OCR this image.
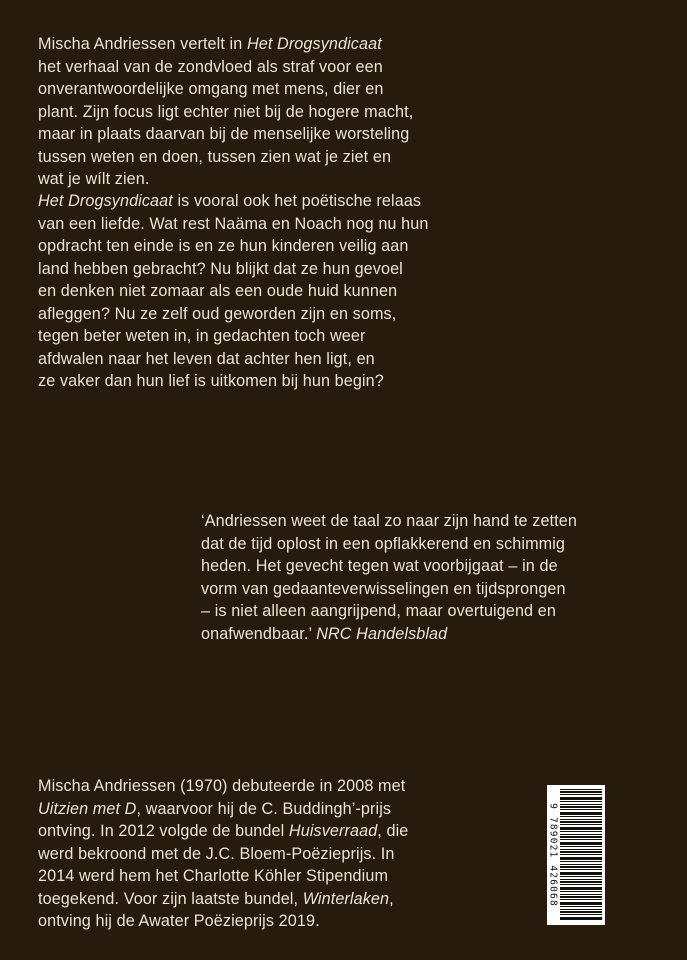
Mischa Andriessen vertelt in Het Drogsyndicaat
het verhaal van de zondvloed als straf voor een
onverantwoordelijke omgang met mens, dier en
plant. Zijn focus ligt echter niet bij de hogere macht,
maar in plaats daarvan bij de menselijke worsteling
tussen weten en doen, tussen zien wat je ziet en
wat je wílt zien.
Het Drogsyndicaat is vooral ook het poëtische relaas
van een liefde. Wat rest Naäma en Noach nog nu hun
opdracht ten einde is en ze hun kinderen veilig aan
land hebben gebracht? Nu blijkt dat ze hun gevoel
en denken niet zomaar als een oude huid kunnen
afleggen? Nu ze zelf oud geworden zijn en soms,
tegen beter weten in, in gedachten toch weer
afdwalen naar het leven dat achter hen ligt, en
ze vaker dan hun lief is uitkomen bij hun begin?
‘Andriessen weet de taal zo naar zijn hand te zetten
dat de tijd oplost in een opflakkerend en schimmig
heden. Het gevecht tegen wat voorbijgaat – in de
vorm van gedaanteverwisselingen en tijdsprongen
– is niet alleen aangrijpend, maar overtuigend en
onafwendbaar.’ NRC Handelsblad
Mischa Andriessen (1970) debuteerde in 2008 met
Uitzien met D, waarvoor hij de C. Buddingh’-prijs
ontving. In 2012 volgde de bundel Huisverraad, die
werd bekroond met de J.C. Bloem-Poëzieprijs. In
2014 werd hem het Charlotte Köhler Stipendium
toegekend. Voor zijn laatste bundel, Winterlaken,
ontving hij de Awater Poëzieprijs 2019.
9 789021 426068
